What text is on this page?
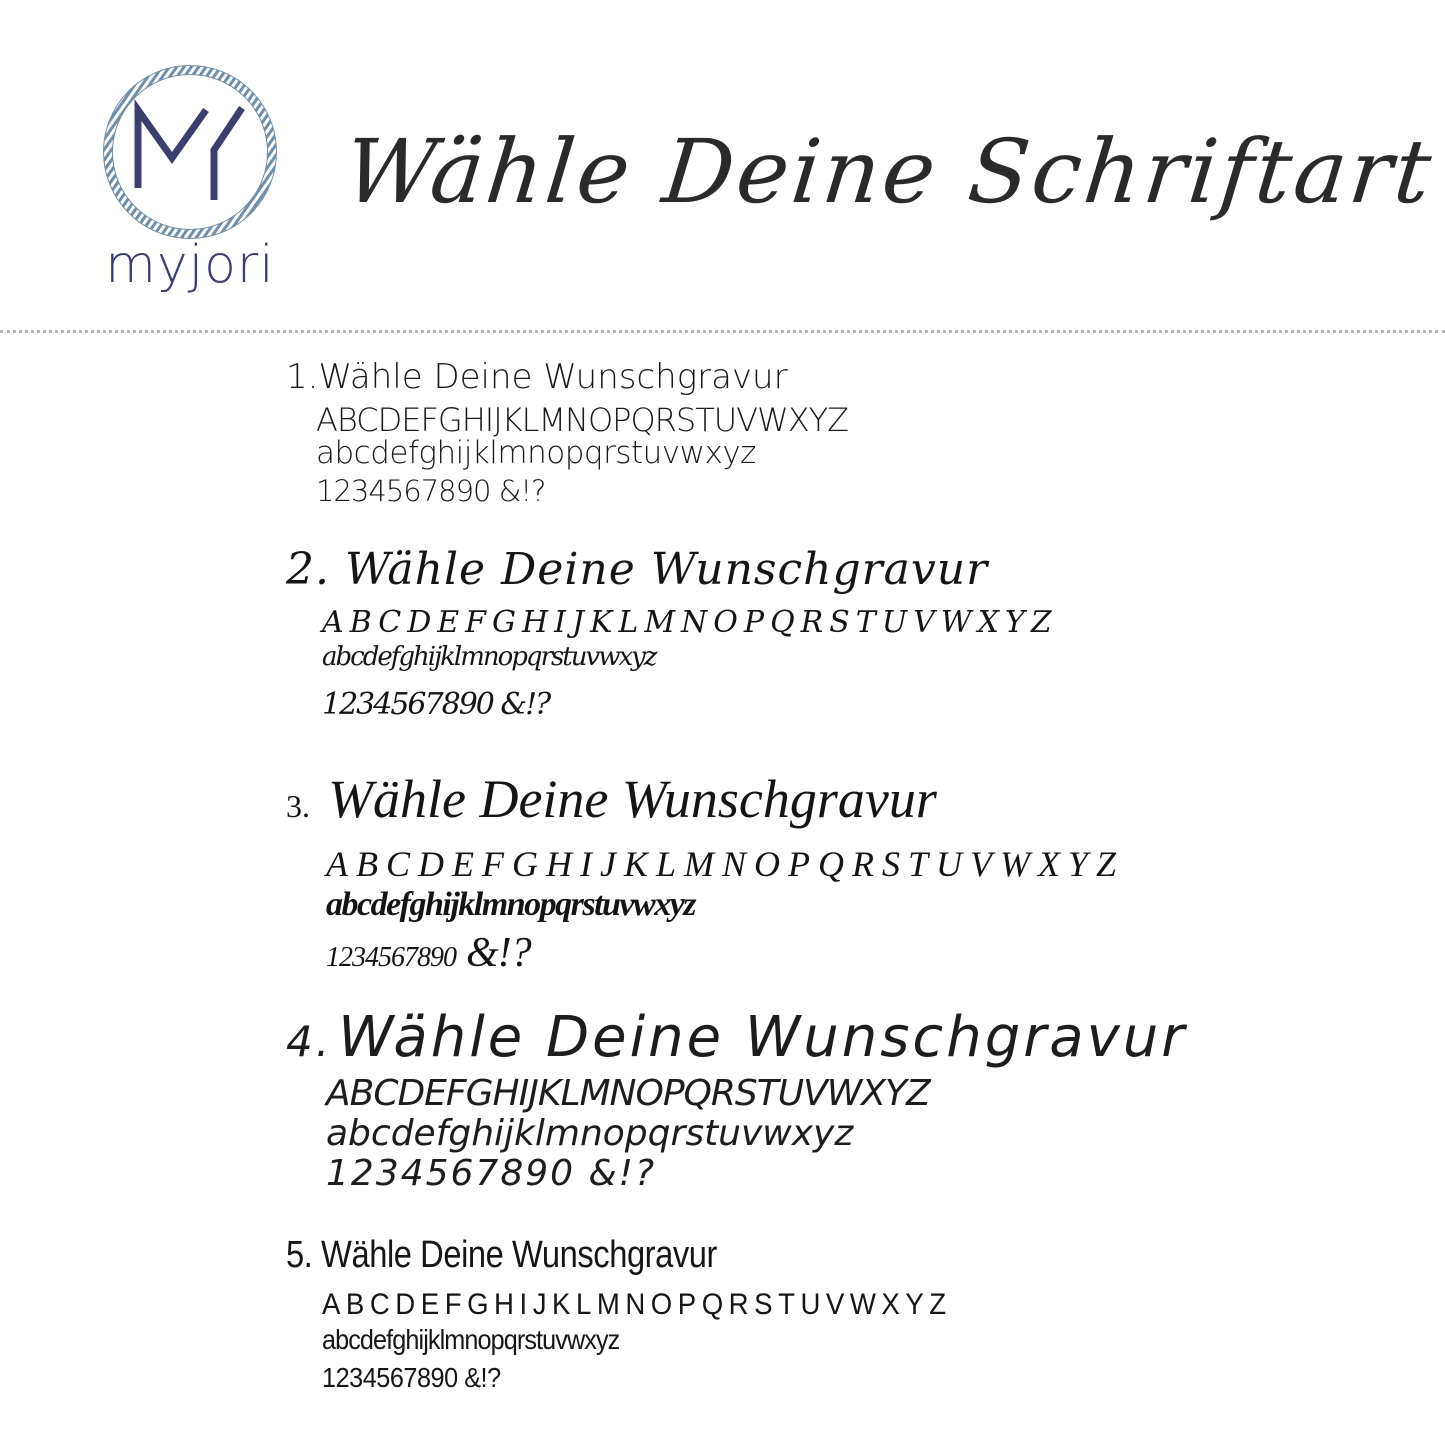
myjori
Wähle Deine Schriftart
1.Wähle Deine Wunschgravur
ABCDEFGHIJKLMNOPQRSTUVWXYZ
abcdefghijklmnopqrstuvwxyz
1234567890 &!?
2. Wähle Deine Wunschgravur
ABCDEFGHIJKLMNOPQRSTUVWXYZ
abcdefghijklmnopqrstuvwxyz
1234567890 &!?
3. Wähle Deine Wunschgravur
ABCDEFGHIJKLMNOPQRSTUVWXYZ
abcdefghijklmnopqrstuvwxyz
1234567890 &!?
4. Wähle Deine Wunschgravur
ABCDEFGHIJKLMNOPQRSTUVWXYZ
abcdefghijklmnopqrstuvwxyz
1234567890 &!?
5. Wähle Deine Wunschgravur
ABCDEFGHIJKLMNOPQRSTUVWXYZ
abcdefghijklmnopqrstuvwxyz
1234567890 &!?
